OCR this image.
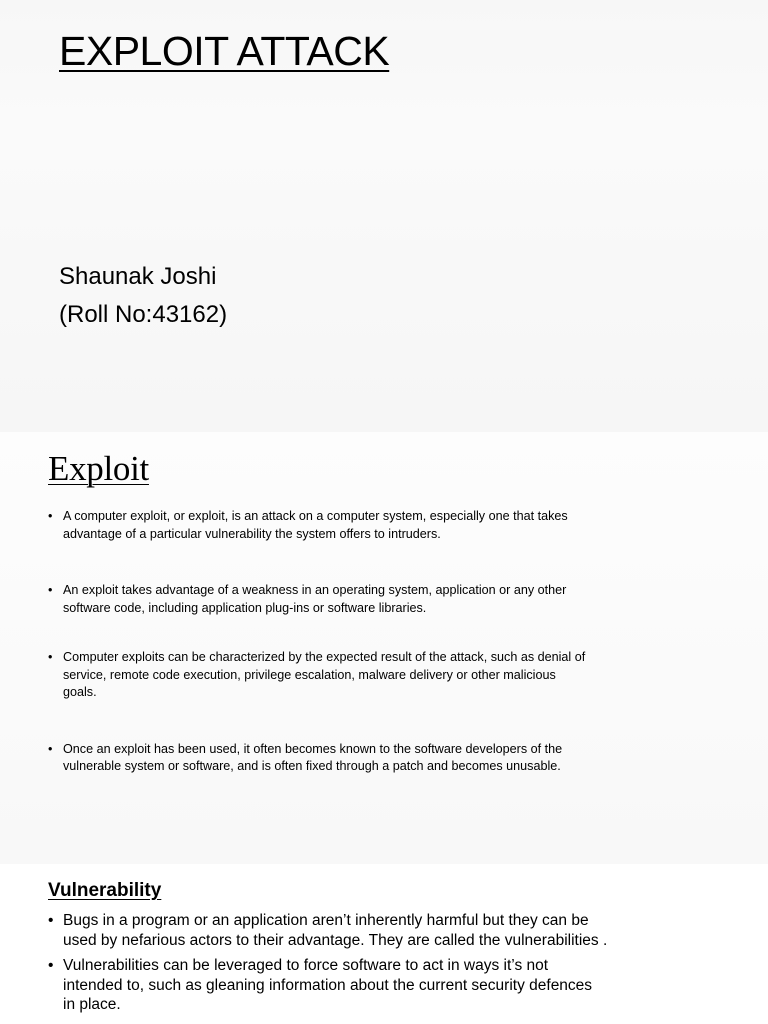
EXPLOIT ATTACK
Shaunak Joshi
(Roll No:43162)
Exploit
• A computer exploit, or exploit, is an attack on a computer system, especially one that takes advantage of a particular vulnerability the system offers to intruders.
• An exploit takes advantage of a weakness in an operating system, application or any other software code, including application plug-ins or software libraries.
• Computer exploits can be characterized by the expected result of the attack, such as denial of service, remote code execution, privilege escalation, malware delivery or other malicious goals.
• Once an exploit has been used, it often becomes known to the software developers of the vulnerable system or software, and is often fixed through a patch and becomes unusable.
Vulnerability
• Bugs in a program or an application aren’t inherently harmful but they can be used by nefarious actors to their advantage. They are called the vulnerabilities .
• Vulnerabilities can be leveraged to force software to act in ways it’s not intended to, such as gleaning information about the current security defences in place.
